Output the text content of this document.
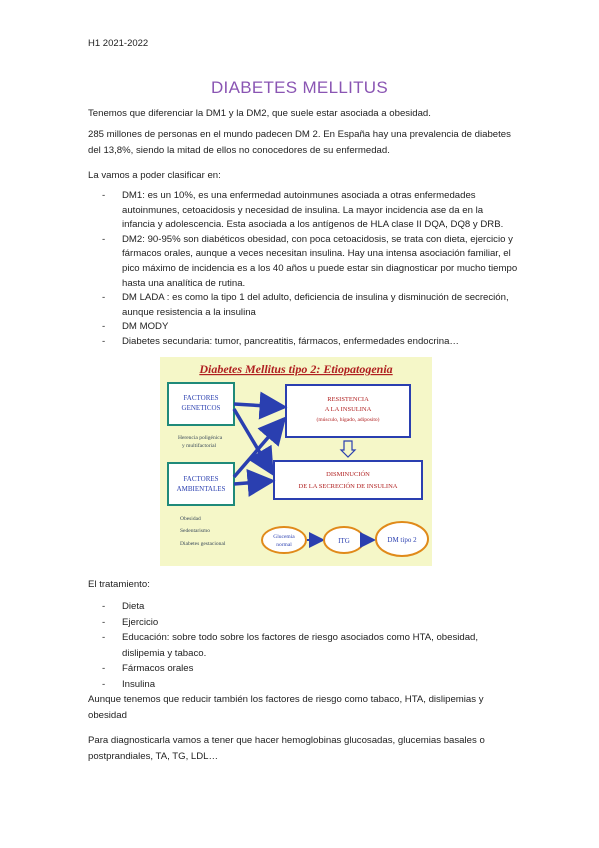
H1 2021-2022
DIABETES MELLITUS
Tenemos que diferenciar la DM1 y la DM2, que suele estar asociada a obesidad.
285 millones de personas en el mundo padecen DM 2. En España hay una prevalencia de diabetes del 13,8%, siendo la mitad de ellos no conocedores de su enfermedad.
La vamos a poder clasificar en:
- DM1: es un 10%, es una enfermedad autoinmunes asociada a otras enfermedades autoinmunes, cetoacidosis y necesidad de insulina. La mayor incidencia ase da en la infancia y adolescencia. Esta asociada a los antígenos de HLA clase II DQA, DQ8 y DRB.
- DM2: 90-95% son diabéticos obesidad, con poca cetoacidosis, se trata con dieta, ejercicio y fármacos orales, aunque a veces necesitan insulina. Hay una intensa asociación familiar, el pico máximo de incidencia es a los 40 años u puede estar sin diagnosticar por mucho tiempo hasta una analítica de rutina.
- DM LADA : es como la tipo 1 del adulto, deficiencia de insulina y disminución de secreción, aunque resistencia a la insulina
- DM MODY
- Diabetes secundaria: tumor, pancreatitis, fármacos, enfermedades endocrina…
Diabetes Mellitus tipo 2: Etiopatogenia
FACTORES
GENETICOS
Herencia poligénica
y multifactorial
FACTORES
AMBIENTALES
Obesidad
Sedentarismo
Diabetes gestacional
RESISTENCIA
A LA INSULINA
(músculo, hígado, adiposito)
DISMINUCIÓN
DE LA SECRECIÓN DE INSULINA
Glucemia
normal	ITG	DM tipo 2
El tratamiento:
- Dieta
- Ejercicio
- Educación: sobre todo sobre los factores de riesgo asociados como HTA, obesidad, dislipemia y tabaco.
- Fármacos orales
- Insulina
Aunque tenemos que reducir también los factores de riesgo como tabaco, HTA, dislipemias y obesidad
Para diagnosticarla vamos a tener que hacer hemoglobinas glucosadas, glucemias basales o postprandiales, TA, TG, LDL…
